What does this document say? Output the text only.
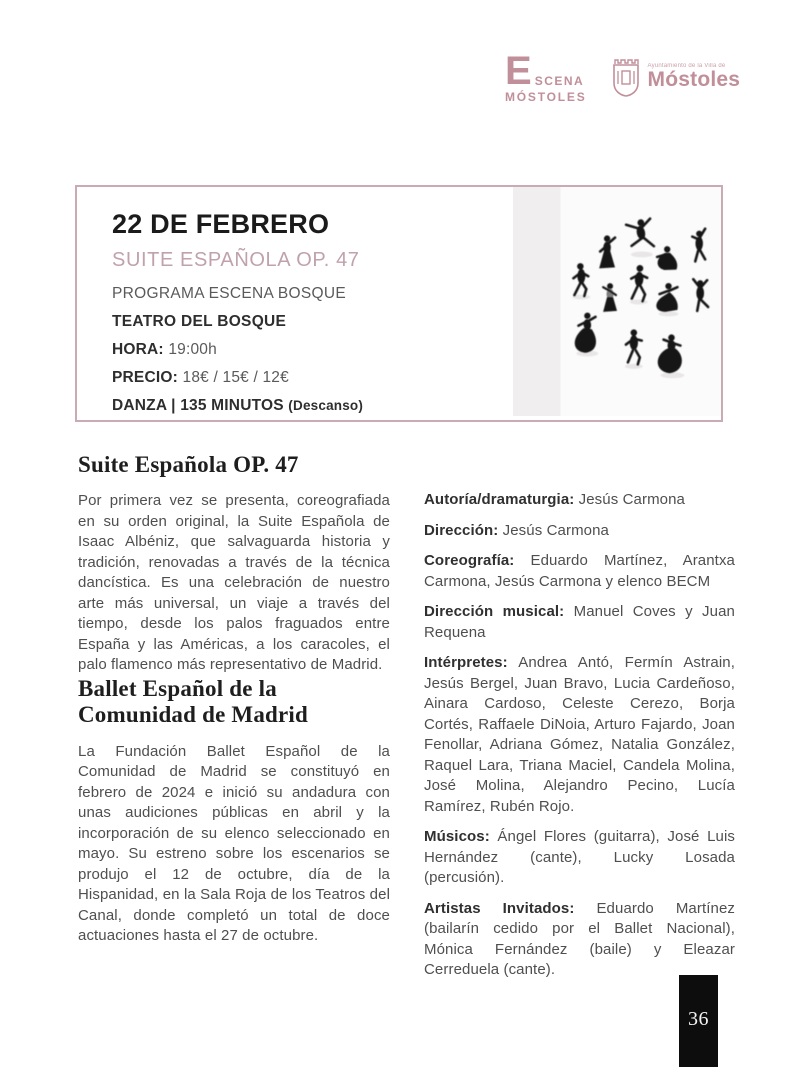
E SCENA
MÓSTOLES
Ayuntamiento de la Villa de
Móstoles
22 DE FEBRERO
SUITE ESPAÑOLA OP. 47
PROGRAMA ESCENA BOSQUE
TEATRO DEL BOSQUE
HORA: 19:00h
PRECIO: 18€ / 15€ / 12€
DANZA | 135 MINUTOS (Descanso)
Suite Española OP. 47

Por primera vez se presenta, coreografiada en su orden original, la Suite Española de Isaac Albéniz, que salvaguarda historia y tradición, renovadas a través de la técnica dancística. Es una celebración de nuestro arte más universal, un viaje a través del tiempo, desde los palos fraguados entre España y las Américas, a los caracoles, el palo flamenco más representativo de Madrid.

Ballet Español de la
Comunidad de Madrid

La Fundación Ballet Español de la Comunidad de Madrid se constituyó en febrero de 2024 e inició su andadura con unas audiciones públicas en abril y la incorporación de su elenco seleccionado en mayo. Su estreno sobre los escenarios se produjo el 12 de octubre, día de la Hispanidad, en la Sala Roja de los Teatros del Canal, donde completó un total de doce actuaciones hasta el 27 de octubre.

Autoría/dramaturgia: Jesús Carmona

Dirección: Jesús Carmona

Coreografía: Eduardo Martínez, Arantxa Carmona, Jesús Carmona y elenco BECM

Dirección musical: Manuel Coves y Juan Requena

Intérpretes: Andrea Antó, Fermín Astrain, Jesús Bergel, Juan Bravo, Lucia Cardeñoso, Ainara Cardoso, Celeste Cerezo, Borja Cortés, Raffaele DiNoia, Arturo Fajardo, Joan Fenollar, Adriana Gómez, Natalia González, Raquel Lara, Triana Maciel, Candela Molina, José Molina, Alejandro Pecino, Lucía Ramírez, Rubén Rojo.

Músicos: Ángel Flores (guitarra), José Luis Hernández (cante), Lucky Losada (percusión).

Artistas Invitados: Eduardo Martínez (bailarín cedido por el Ballet Nacional), Mónica Fernández (baile) y Eleazar Cerreduela (cante).

36
